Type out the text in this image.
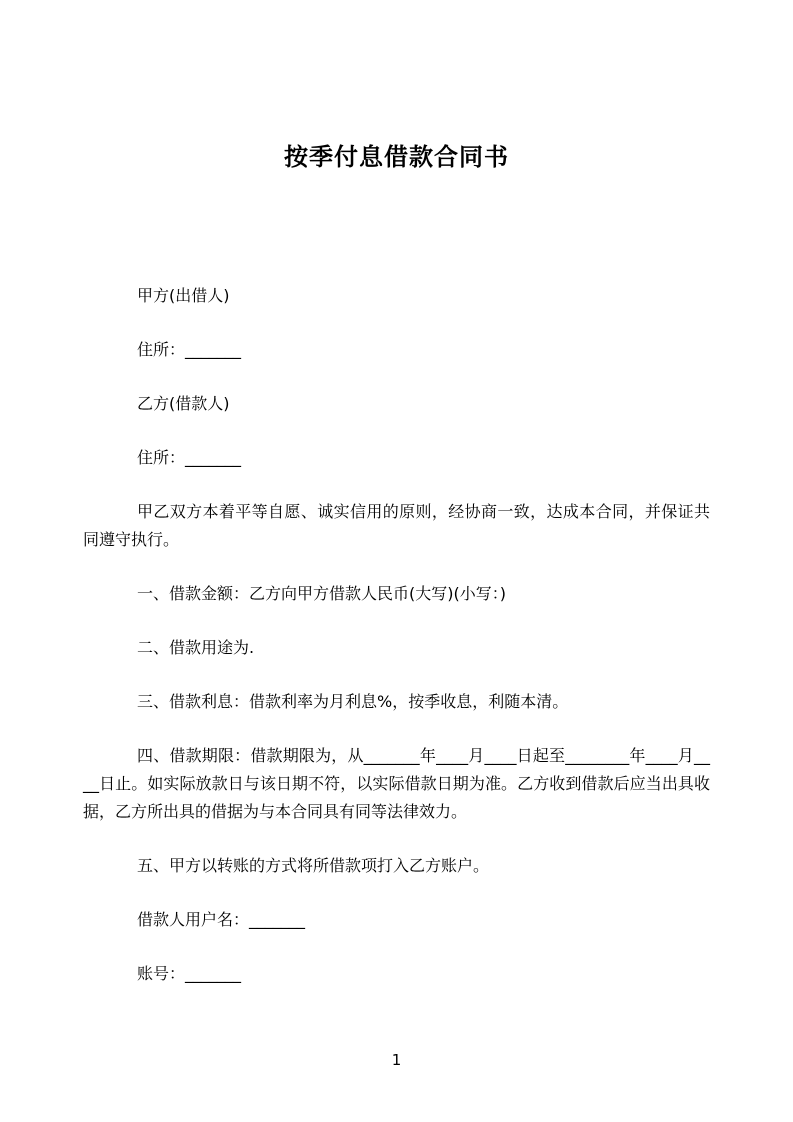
按季付息借款合同书

甲方(出借人)

住所：_______

乙方(借款人)

住所：_______

甲乙双方本着平等自愿、诚实信用的原则，经协商一致，达成本合同，并保证共同遵守执行。

一、借款金额：乙方向甲方借款人民币(大写)(小写：)

二、借款用途为.

三、借款利息：借款利率为月利息%，按季收息，利随本清。

四、借款期限：借款期限为，从_______年____月____日起至________年____月____日止。如实际放款日与该日期不符，以实际借款日期为准。乙方收到借款后应当出具收据，乙方所出具的借据为与本合同具有同等法律效力。

五、甲方以转账的方式将所借款项打入乙方账户。

借款人用户名：_______

账号：_______

1
